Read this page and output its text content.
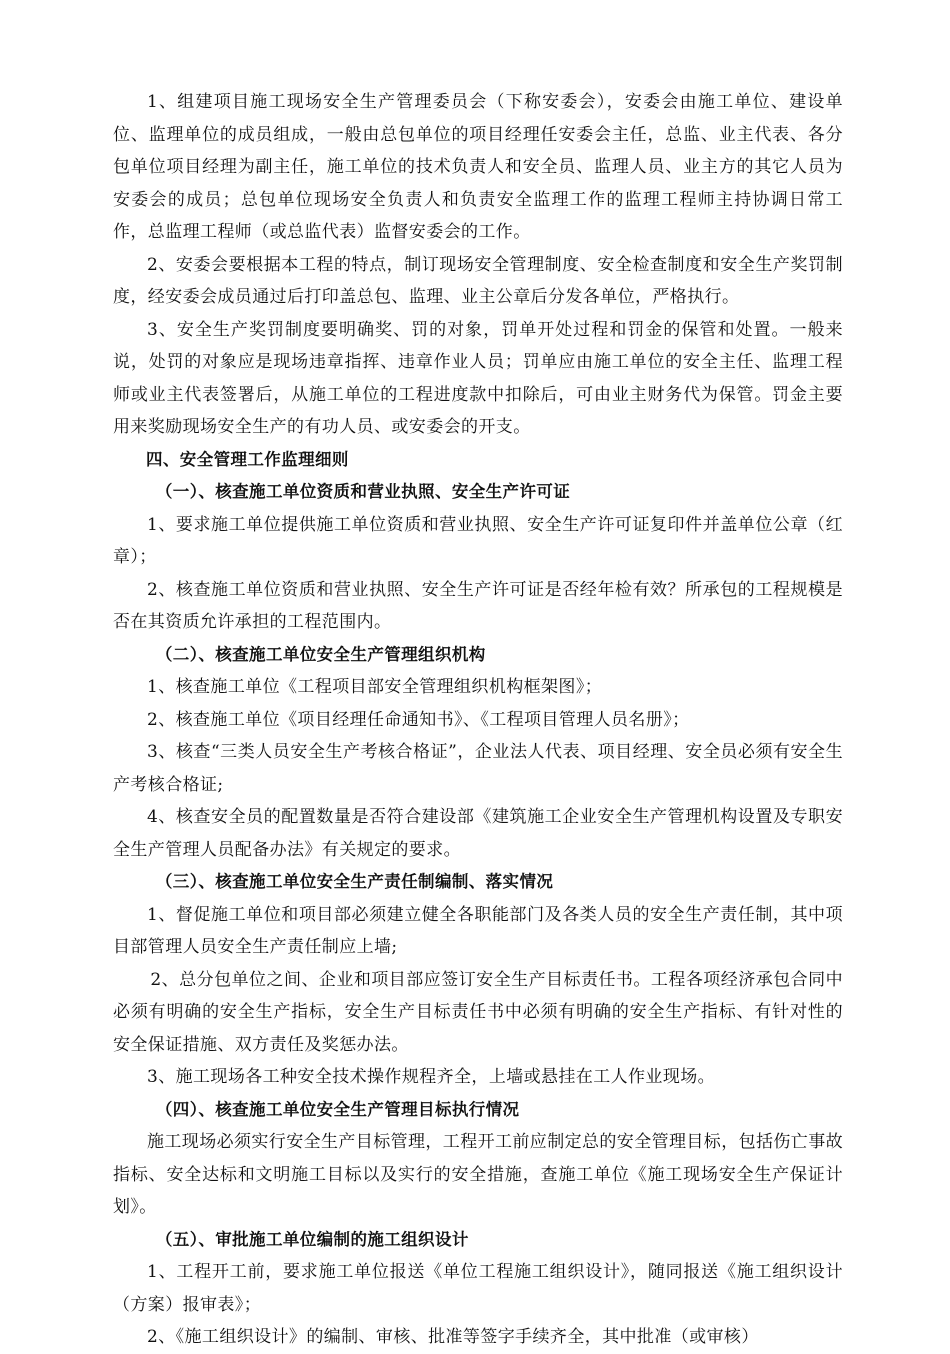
1、组建项目施工现场安全生产管理委员会（下称安委会），安委会由施工单位、建设单位、监理单位的成员组成，一般由总包单位的项目经理任安委会主任，总监、业主代表、各分包单位项目经理为副主任，施工单位的技术负责人和安全员、监理人员、业主方的其它人员为安委会的成员；总包单位现场安全负责人和负责安全监理工作的监理工程师主持协调日常工作，总监理工程师（或总监代表）监督安委会的工作。

2、安委会要根据本工程的特点，制订现场安全管理制度、安全检查制度和安全生产奖罚制度，经安委会成员通过后打印盖总包、监理、业主公章后分发各单位，严格执行。

3、安全生产奖罚制度要明确奖、罚的对象，罚单开处过程和罚金的保管和处置。一般来说，处罚的对象应是现场违章指挥、违章作业人员；罚单应由施工单位的安全主任、监理工程师或业主代表签署后，从施工单位的工程进度款中扣除后，可由业主财务代为保管。罚金主要用来奖励现场安全生产的有功人员、或安委会的开支。

四、安全管理工作监理细则

（一）、核查施工单位资质和营业执照、安全生产许可证

1、要求施工单位提供施工单位资质和营业执照、安全生产许可证复印件并盖单位公章（红章）；

2、核查施工单位资质和营业执照、安全生产许可证是否经年检有效？所承包的工程规模是否在其资质允许承担的工程范围内。

（二）、核查施工单位安全生产管理组织机构

1、核查施工单位《工程项目部安全管理组织机构框架图》；

2、核查施工单位《项目经理任命通知书》、《工程项目管理人员名册》；

3、核查“三类人员安全生产考核合格证”，企业法人代表、项目经理、安全员必须有安全生产考核合格证;

4、核查安全员的配置数量是否符合建设部《建筑施工企业安全生产管理机构设置及专职安全生产管理人员配备办法》有关规定的要求。

（三）、核查施工单位安全生产责任制编制、落实情况

1、督促施工单位和项目部必须建立健全各职能部门及各类人员的安全生产责任制，其中项目部管理人员安全生产责任制应上墙;

2、总分包单位之间、企业和项目部应签订安全生产目标责任书。工程各项经济承包合同中必须有明确的安全生产指标，安全生产目标责任书中必须有明确的安全生产指标、有针对性的安全保证措施、双方责任及奖惩办法。

3、施工现场各工种安全技术操作规程齐全，上墙或悬挂在工人作业现场。

（四）、核查施工单位安全生产管理目标执行情况

施工现场必须实行安全生产目标管理，工程开工前应制定总的安全管理目标，包括伤亡事故指标、安全达标和文明施工目标以及实行的安全措施，查施工单位《施工现场安全生产保证计划》。

（五）、审批施工单位编制的施工组织设计

1、工程开工前，要求施工单位报送《单位工程施工组织设计》，随同报送《施工组织设计（方案）报审表》；

2、《施工组织设计》的编制、审核、批准等签字手续齐全，其中批准（或审核）
